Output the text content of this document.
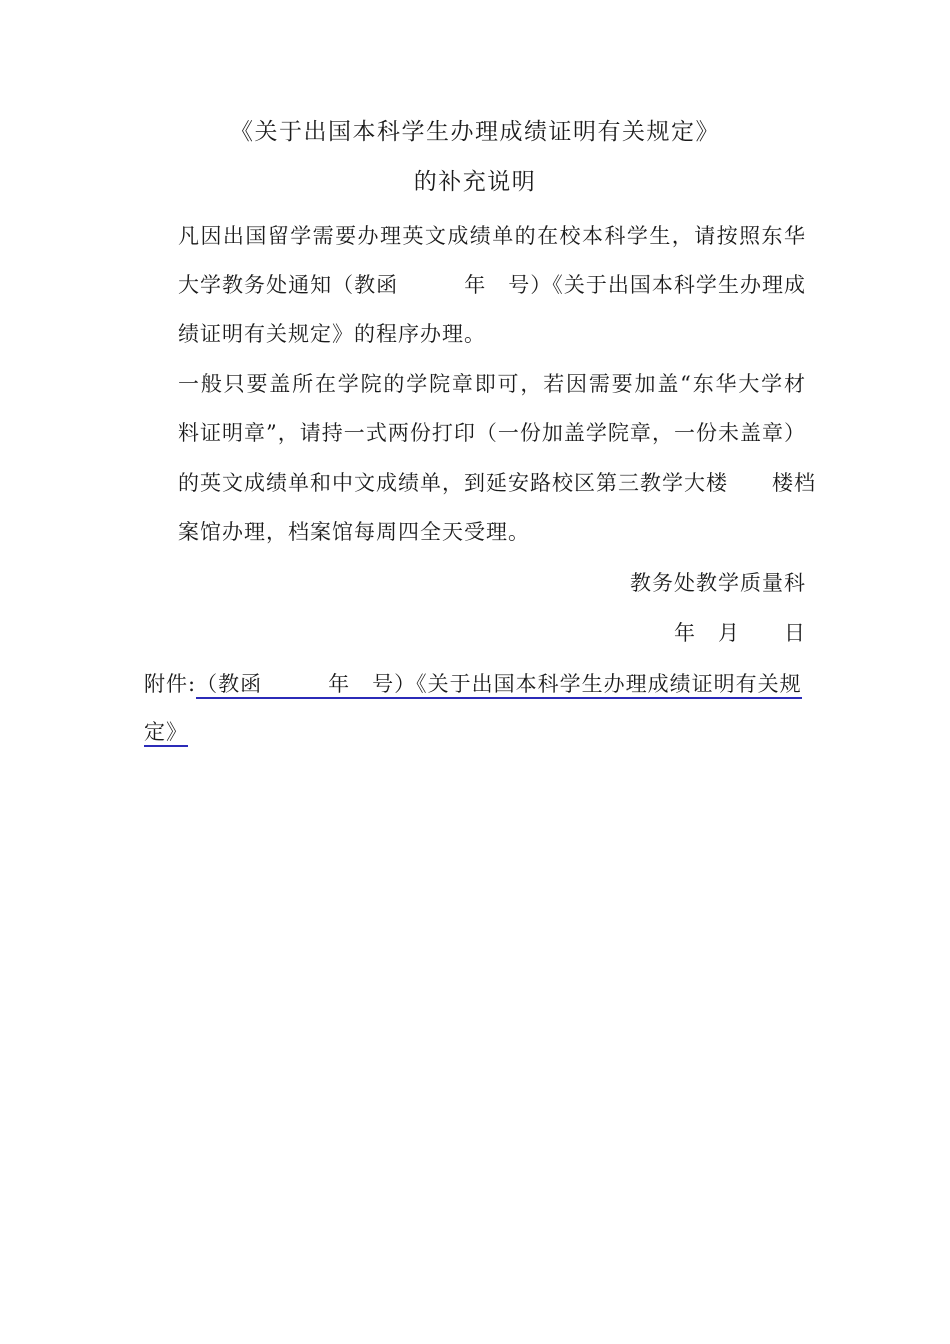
《关于出国本科学生办理成绩证明有关规定》
的补充说明
凡因出国留学需要办理英文成绩单的在校本科学生，请按照东华
大学教务处通知（教函　　　年　号）《关于出国本科学生办理成
绩证明有关规定》的程序办理。
一般只要盖所在学院的学院章即可，若因需要加盖“东华大学材
料证明章”，请持一式两份打印（一份加盖学院章，一份未盖章）
的英文成绩单和中文成绩单，到延安路校区第三教学大楼　　楼档
案馆办理，档案馆每周四全天受理。
教务处教学质量科
年　月　　日
附件:（教函　　　年　号）《关于出国本科学生办理成绩证明有关规
定》
